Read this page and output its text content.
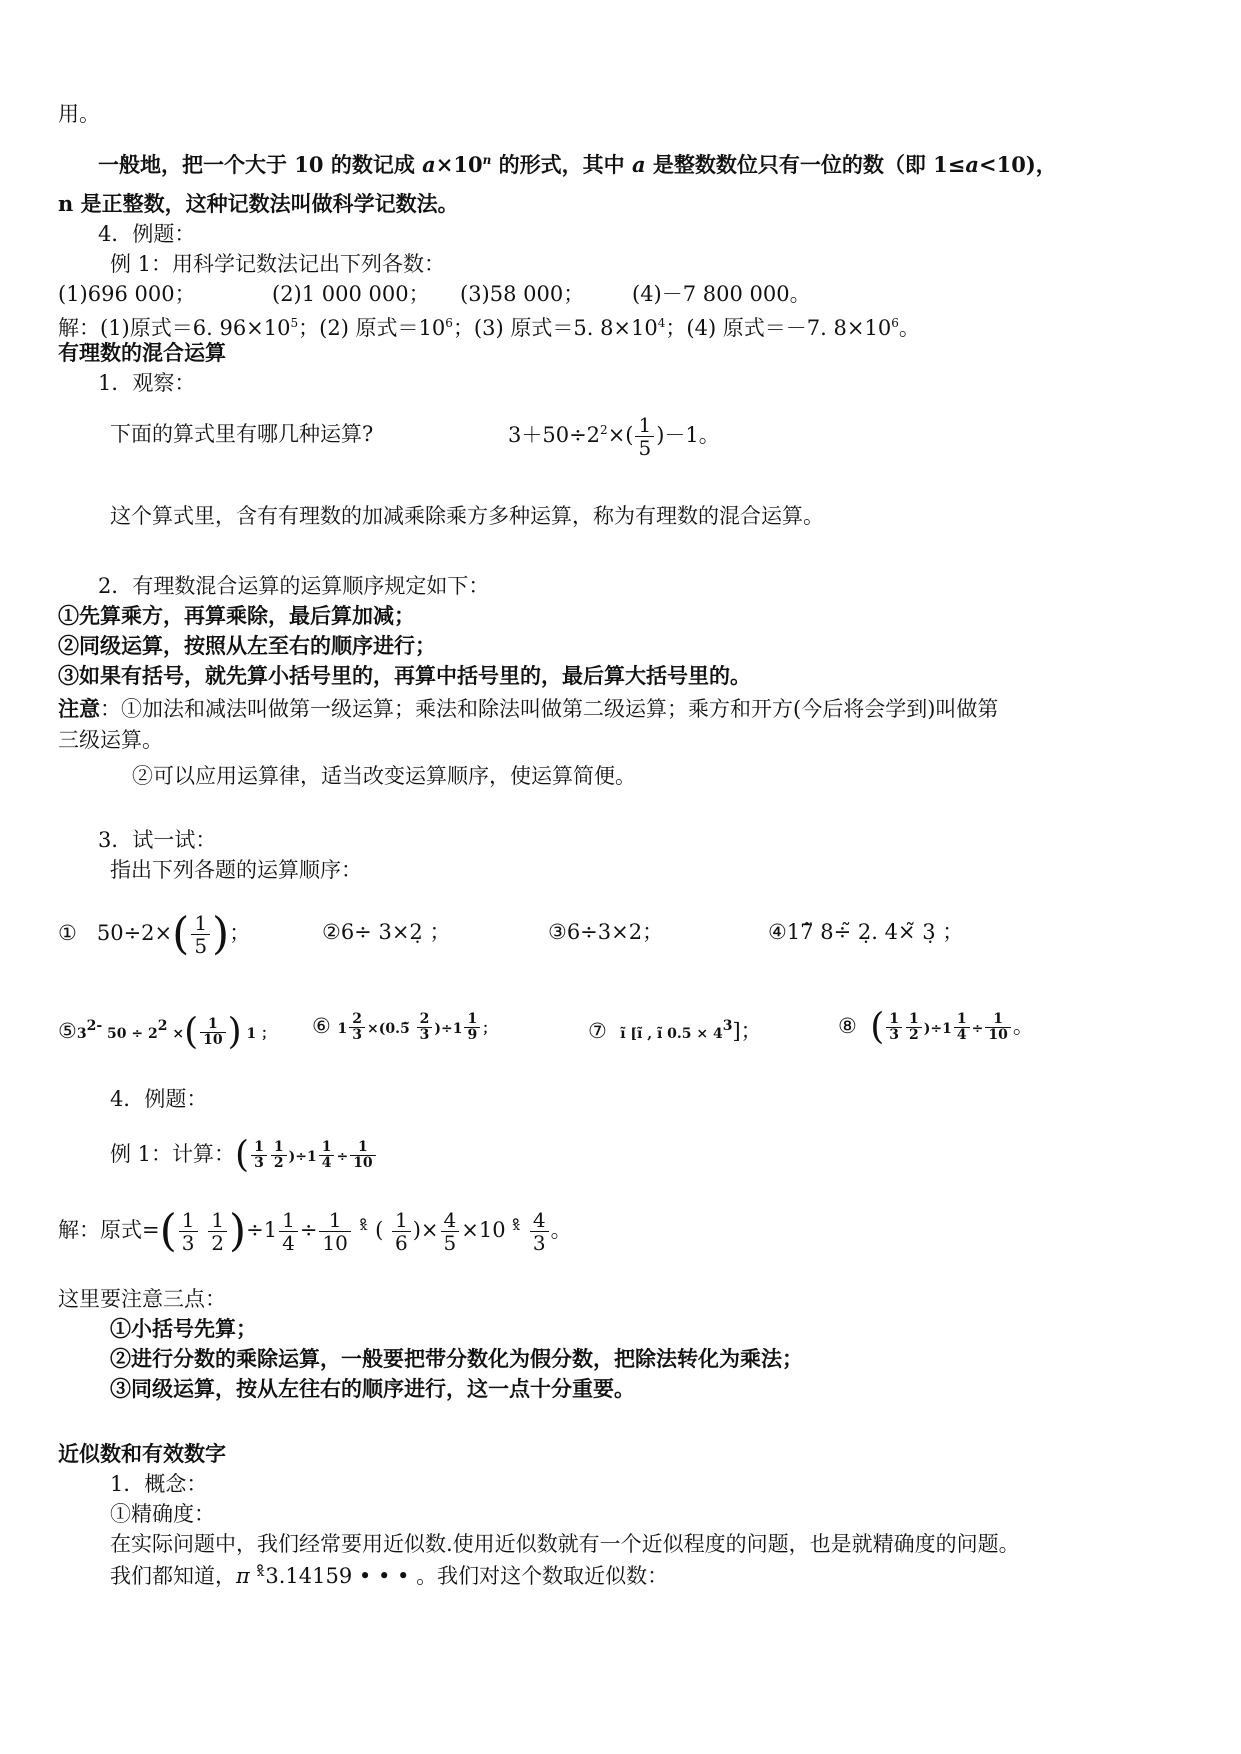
用。
一般地，把一个大于 10 的数记成 $a\times 10^n$ 的形式，其中 a 是整数数位只有一位的数（即 1≤a<10)，
n 是正整数，这种记数法叫做科学记数法。
4．例题：
例 1：用科学记数法记出下列各数：
(1)696 000；	(2)1 000 000； (3)58 000； (4)－7 800 000。
解：(1)原式＝6. $96\times 10^5$；(2) 原式$=10^6$；(3) 原式＝5. $8\times 10^4$；(4) 原式＝－7. $8\times 10^6$。
有理数的混合运算
1．观察：
下面的算式里有哪几种运算?	$3+50\div 2^2\times( \frac{1}{5} )-1$。
这个算式里，含有有理数的加减乘除乘方多种运算，称为有理数的混合运算。
2．有理数混合运算的运算顺序规定如下：
①先算乘方，再算乘除，最后算加减；
②同级运算，按照从左至右的顺序进行；
③如果有括号，就先算小括号里的，再算中括号里的，最后算大括号里的。
注意：①加法和减法叫做第一级运算；乘法和除法叫做第二级运算；乘方和开方(今后将会学到)叫做第
三级运算。
②可以应用运算律，适当改变运算顺序，使运算简便。
3．试一试：
指出下列各题的运算顺序：
① $50\div 2\times( \frac{1}{5}$ )；	②6÷ 3×2̣ ；	③6÷3×2；	④17̃ 8÷̃ 2̣. 4×̃ 3̣ ；
$⑤3^{2-}$ $50 \div 2^2$ ×( $\frac{1}{10}$ ) 1 ； ⑥ $1 \frac{2}{3}$ ×(0.5̃ $\frac{2}{3} )\div 1 \frac{1}{9}$ ；	⑦ ĩ [ĩ , ĩ $0.5 \times 4^3$]；	⑧ ( $\frac{1}{3} \frac{1}{2} )\div 1 \frac{1}{4} \div \frac{1}{10}$ 。
4．例题：
例 1：计算：( $\frac{1}{3} \frac{1}{2} )\div 1 \frac{1}{4} \div \frac{1}{10}$
解：原式=( $\frac{1}{3}$
$\frac{1}{2} )\div 1 \frac{1}{4} \div \frac{1}{10}$ ˣ̊ ( $\frac{1}{6}$ )× $\frac{4}{5} \times 10$ ˣ̊ $\frac{4}{3}$ 。
这里要注意三点：
①小括号先算；
②进行分数的乘除运算，一般要把带分数化为假分数，把除法转化为乘法；
③同级运算，按从左往右的顺序进行，这一点十分重要。
近似数和有效数字
1．概念：
①精确度：
在实际问题中，我们经常要用近似数.使用近似数就有一个近似程度的问题，也是就精确度的问题。
我们都知道，π ˣ̊3.14159 • • • 。我们对这个数取近似数：
